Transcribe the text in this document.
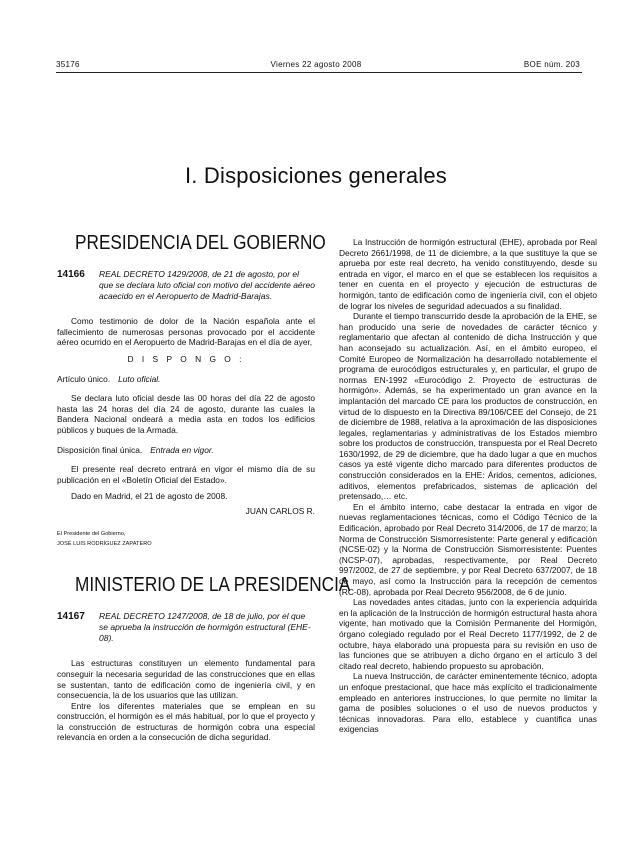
35176	Viernes 22 agosto 2008	BOE núm. 203
I. Disposiciones generales
PRESIDENCIA DEL GOBIERNO
14166	REAL DECRETO 1429/2008, de 21 de agosto, por el que se declara luto oficial con motivo del accidente aéreo acaecido en el Aeropuerto de Madrid-Barajas.

Como testimonio de dolor de la Nación española ante el fallecimiento de numerosas personas provocado por el accidente aéreo ocurrido en el Aeropuerto de Madrid-Barajas en el día de ayer,

D I S P O N G O :

Artículo único. Luto oficial.

Se declara luto oficial desde las 00 horas del día 22 de agosto hasta las 24 horas del día 24 de agosto, durante las cuales la Bandera Nacional ondeará a media asta en todos los edificios públicos y buques de la Armada.

Disposición final única. Entrada en vigor.

El presente real decreto entrará en vigor el mismo día de su publicación en el «Boletín Oficial del Estado».

Dado en Madrid, el 21 de agosto de 2008.

JUAN CARLOS R.

El Presidente del Gobierno,

JOSÉ LUIS RODRÍGUEZ ZAPATERO

MINISTERIO DE LA PRESIDENCIA
14167	REAL DECRETO 1247/2008, de 18 de julio, por el que se aprueba la instrucción de hormigón estructural (EHE-08).

Las estructuras constituyen un elemento fundamental para conseguir la necesaria seguridad de las construcciones que en ellas se sustentan, tanto de edificación como de ingeniería civil, y en consecuencia, la de los usuarios que las utilizan.

Entre los diferentes materiales que se emplean en su construcción, el hormigón es el más habitual, por lo que el proyecto y la construcción de estructuras de hormigón cobra una especial relevancia en orden a la consecución de dicha seguridad.

La Instrucción de hormigón estructural (EHE), aprobada por Real Decreto 2661/1998, de 11 de diciembre, a la que sustituye la que se aprueba por este real decreto, ha venido constituyendo, desde su entrada en vigor, el marco en el que se establecen los requisitos a tener en cuenta en el proyecto y ejecución de estructuras de hormigón, tanto de edificación como de ingeniería civil, con el objeto de lograr los niveles de seguridad adecuados a su finalidad.

Durante el tiempo transcurrido desde la aprobación de la EHE, se han producido una serie de novedades de carácter técnico y reglamentario que afectan al contenido de dicha Instrucción y que han aconsejado su actualización. Así, en el ámbito europeo, el Comité Europeo de Normalización ha desarrollado notablemente el programa de eurocódigos estructurales y, en particular, el grupo de normas EN-1992 «Eurocódigo 2. Proyecto de estructuras de hormigón». Además, se ha experimentado un gran avance en la implantación del marcado CE para los productos de construcción, en virtud de lo dispuesto en la Directiva 89/106/CEE del Consejo, de 21 de diciembre de 1988, relativa a la aproximación de las disposiciones legales, reglamentarias y administrativas de los Estados miembro sobre los productos de construcción, transpuesta por el Real Decreto 1630/1992, de 29 de diciembre, que ha dado lugar a que en muchos casos ya esté vigente dicho marcado para diferentes productos de construcción considerados en la EHE: Áridos, cementos, adiciones, aditivos, elementos prefabricados, sistemas de aplicación del pretensado,… etc.

En el ámbito interno, cabe destacar la entrada en vigor de nuevas reglamentaciones técnicas, como el Código Técnico de la Edificación, aprobado por Real Decreto 314/2006, de 17 de marzo; la Norma de Construcción Sismorresistente: Parte general y edificación (NCSE-02) y la Norma de Construcción Sismorresistente: Puentes (NCSP-07), aprobadas, respectivamente, por Real Decreto 997/2002, de 27 de septiembre, y por Real Decreto 637/2007, de 18 de mayo, así como la Instrucción para la recepción de cementos (RC-08), aprobada por Real Decreto 956/2008, de 6 de junio.

Las novedades antes citadas, junto con la experiencia adquirida en la aplicación de la Instrucción de hormigón estructural hasta ahora vigente, han motivado que la Comisión Permanente del Hormigón, órgano colegiado regulado por el Real Decreto 1177/1992, de 2 de octubre, haya elaborado una propuesta para su revisión en uso de las funciones que se atribuyen a dicho órgano en el artículo 3 del citado real decreto, habiendo propuesto su aprobación.

La nueva Instrucción, de carácter eminentemente técnico, adopta un enfoque prestacional, que hace más explícito el tradicionalmente empleado en anteriores instrucciones, lo que permite no limitar la gama de posibles soluciones o el uso de nuevos productos y técnicas innovadoras. Para ello, establece y cuantifica unas exigencias
